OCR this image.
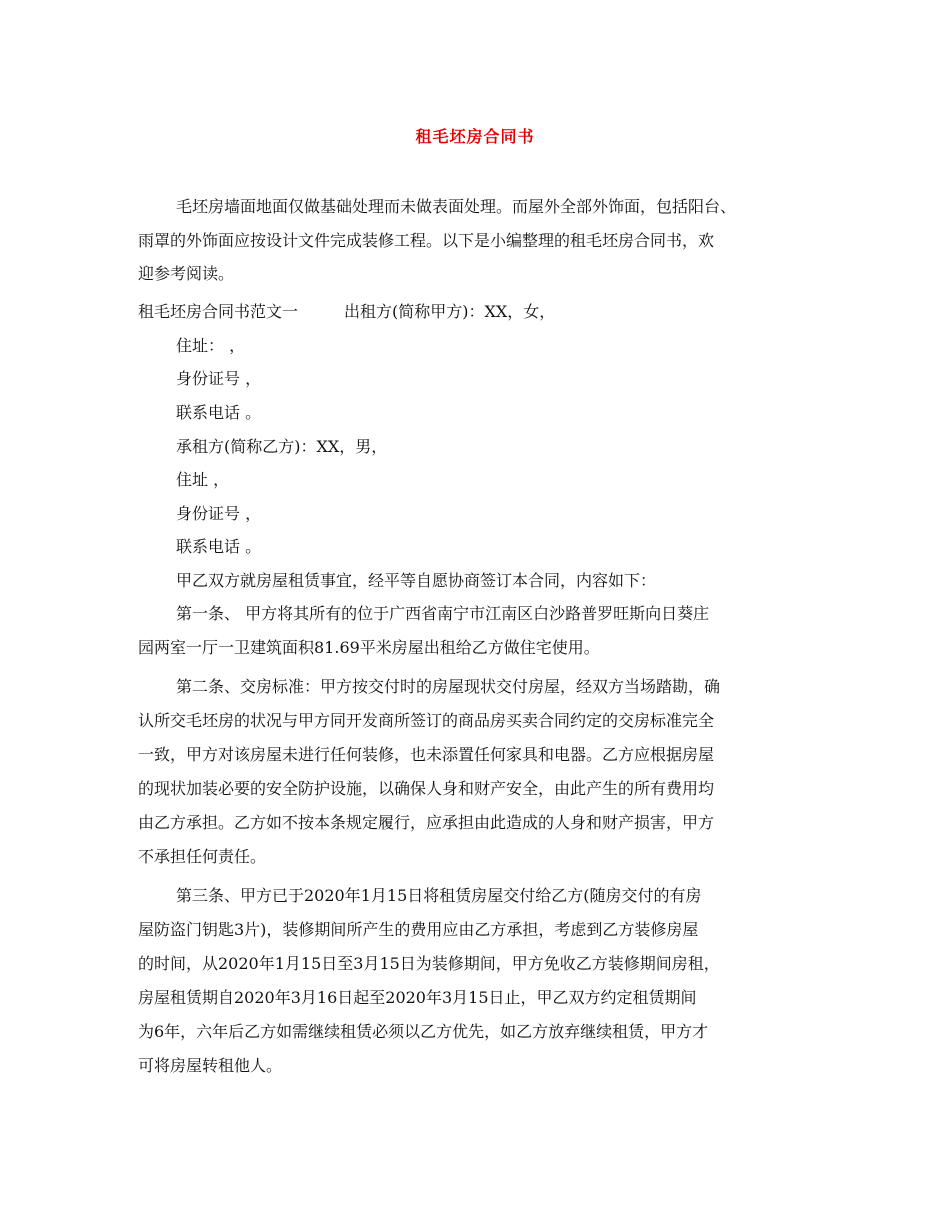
租毛坯房合同书
毛坯房墙面地面仅做基础处理而未做表面处理。而屋外全部外饰面，包括阳台、
雨罩的外饰面应按设计文件完成装修工程。以下是小编整理的租毛坯房合同书，欢
迎参考阅读。
租毛坯房合同书范文一	出租方(简称甲方)：XX，女，
住址： ，
身份证号 ，
联系电话 。
承租方(简称乙方)：XX，男，
住址 ，
身份证号 ，
联系电话 。
甲乙双方就房屋租赁事宜，经平等自愿协商签订本合同，内容如下：
第一条、 甲方将其所有的位于广西省南宁市江南区白沙路普罗旺斯向日葵庄
园两室一厅一卫建筑面积81.69平米房屋出租给乙方做住宅使用。
第二条、交房标准：甲方按交付时的房屋现状交付房屋，经双方当场踏勘，确
认所交毛坯房的状况与甲方同开发商所签订的商品房买卖合同约定的交房标准完全
一致，甲方对该房屋未进行任何装修，也未添置任何家具和电器。乙方应根据房屋
的现状加装必要的安全防护设施，以确保人身和财产安全，由此产生的所有费用均
由乙方承担。乙方如不按本条规定履行，应承担由此造成的人身和财产损害，甲方
不承担任何责任。
第三条、甲方已于2020年1月15日将租赁房屋交付给乙方(随房交付的有房
屋防盗门钥匙3片)，装修期间所产生的费用应由乙方承担，考虑到乙方装修房屋
的时间，从2020年1月15日至3月15日为装修期间，甲方免收乙方装修期间房租，
房屋租赁期自2020年3月16日起至2020年3月15日止，甲乙双方约定租赁期间
为6年，六年后乙方如需继续租赁必须以乙方优先，如乙方放弃继续租赁，甲方才
可将房屋转租他人。
